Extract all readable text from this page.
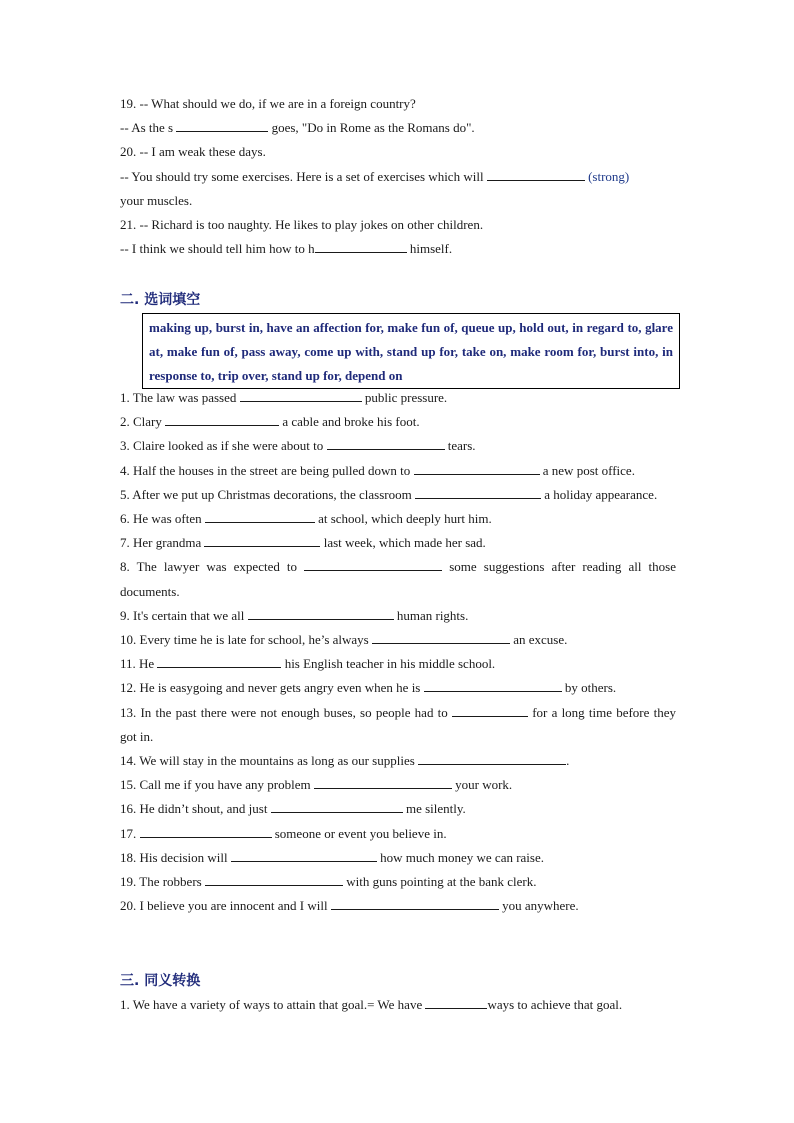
19. -- What should we do, if we are in a foreign country?
-- As the s	goes, "Do in Rome as the Romans do".
20. -- I am weak these days.
-- You should try some exercises. Here is a set of exercises which will	(strong)
your muscles.
21. -- Richard is too naughty. He likes to play jokes on other children.
-- I think we should tell him how to h	himself.
二. 选词填空
making up, burst in, have an affection for, make fun of, queue up, hold out, in regard to, glare at, make fun of, pass away, come up with, stand up for, take on, make room for, burst into, in response to, trip over, stand up for, depend on
1. The law was passed	public pressure.
2. Clary	a cable and broke his foot.
3. Claire looked as if she were about to	tears.
4. Half the houses in the street are being pulled down to	a new post office.
5. After we put up Christmas decorations, the classroom	a holiday appearance.
6. He was often	at school, which deeply hurt him.
7. Her grandma	last week, which made her sad.
8. The lawyer was expected to	some suggestions after reading all those documents.
9. It's certain that we all	human rights.
10. Every time he is late for school, he’s always	an excuse.
11. He	his English teacher in his middle school.
12. He is easygoing and never gets angry even when he is	by others.
13. In the past there were not enough buses, so people had to	for a long time before they got in.
14. We will stay in the mountains as long as our supplies	.
15. Call me if you have any problem	your work.
16. He didn’t shout, and just	me silently.
17.	someone or event you believe in.
18. His decision will	how much money we can raise.
19. The robbers	with guns pointing at the bank clerk.
20. I believe you are innocent and I will	you anywhere.
三. 同义转换
1. We have a variety of ways to attain that goal.= We have	ways to achieve that goal.
